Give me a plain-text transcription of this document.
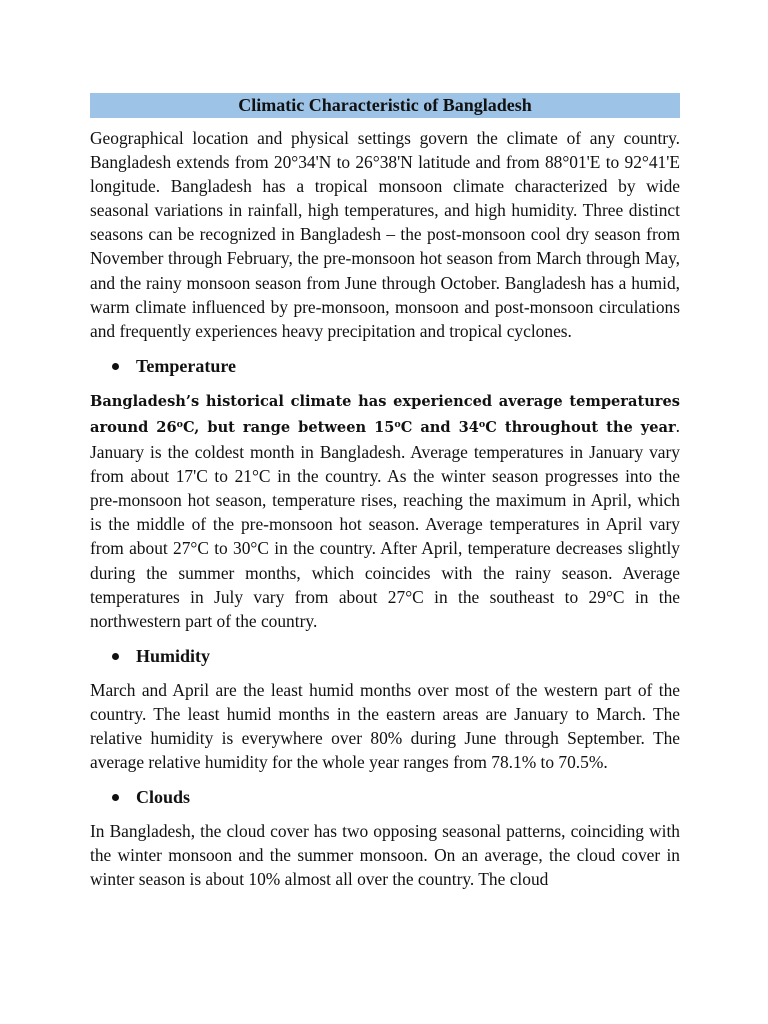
Climatic Characteristic of Bangladesh

Geographical location and physical settings govern the climate of any country. Bangladesh extends from 20°34'N to 26°38'N latitude and from 88°01'E to 92°41'E longitude. Bangladesh has a tropical monsoon climate characterized by wide seasonal variations in rainfall, high temperatures, and high humidity. Three distinct seasons can be recognized in Bangladesh – the post-monsoon cool dry season from November through February, the pre-monsoon hot season from March through May, and the rainy monsoon season from June through October. Bangladesh has a humid, warm climate influenced by pre-monsoon, monsoon and post-monsoon circulations and frequently experiences heavy precipitation and tropical cyclones.

Temperature

Bangladesh’s historical climate has experienced average temperatures around 26$^o$C, but range between 15$^o$C and 34$^o$C throughout the year. January is the coldest month in Bangladesh. Average temperatures in January vary from about 17'C to 21°C in the country. As the winter season progresses into the pre-monsoon hot season, temperature rises, reaching the maximum in April, which is the middle of the pre-monsoon hot season. Average temperatures in April vary from about 27°C to 30°C in the country. After April, temperature decreases slightly during the summer months, which coincides with the rainy season. Average temperatures in July vary from about 27°C in the southeast to 29°C in the northwestern part of the country.

Humidity

March and April are the least humid months over most of the western part of the country. The least humid months in the eastern areas are January to March. The relative humidity is everywhere over 80% during June through September. The average relative humidity for the whole year ranges from 78.1% to 70.5%.

Clouds

In Bangladesh, the cloud cover has two opposing seasonal patterns, coinciding with the winter monsoon and the summer monsoon. On an average, the cloud cover in winter season is about 10% almost all over the country. The cloud
